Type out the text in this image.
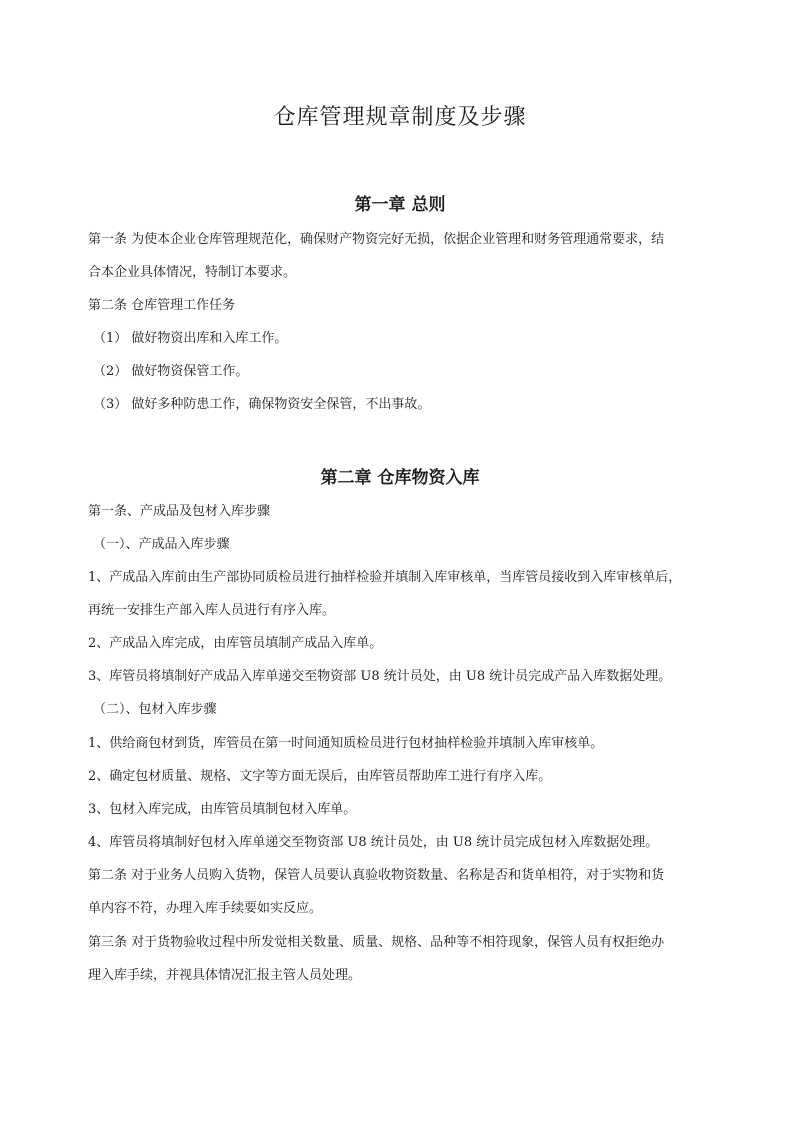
仓库管理规章制度及步骤
第一章 总则
第一条 为使本企业仓库管理规范化，确保财产物资完好无损，依据企业管理和财务管理通常要求，结
合本企业具体情况，特制订本要求。
第二条 仓库管理工作任务
（1） 做好物资出库和入库工作。
（2） 做好物资保管工作。
（3） 做好多种防患工作，确保物资安全保管，不出事故。
第二章 仓库物资入库
第一条、产成品及包材入库步骤
（一）、产成品入库步骤
1、产成品入库前由生产部协同质检员进行抽样检验并填制入库审核单，当库管员接收到入库审核单后，
再统一安排生产部入库人员进行有序入库。
2、产成品入库完成，由库管员填制产成品入库单。
3、库管员将填制好产成品入库单递交至物资部 U8 统计员处，由 U8 统计员完成产品入库数据处理。
（二）、包材入库步骤
1、供给商包材到货，库管员在第一时间通知质检员进行包材抽样检验并填制入库审核单。
2、确定包材质量、规格、文字等方面无误后，由库管员帮助库工进行有序入库。
3、包材入库完成，由库管员填制包材入库单。
4、库管员将填制好包材入库单递交至物资部 U8 统计员处，由 U8 统计员完成包材入库数据处理。
第二条 对于业务人员购入货物，保管人员要认真验收物资数量、名称是否和货单相符，对于实物和货
单内容不符，办理入库手续要如实反应。
第三条 对于货物验收过程中所发觉相关数量、质量、规格、品种等不相符现象，保管人员有权拒绝办
理入库手续，并视具体情况汇报主管人员处理。
